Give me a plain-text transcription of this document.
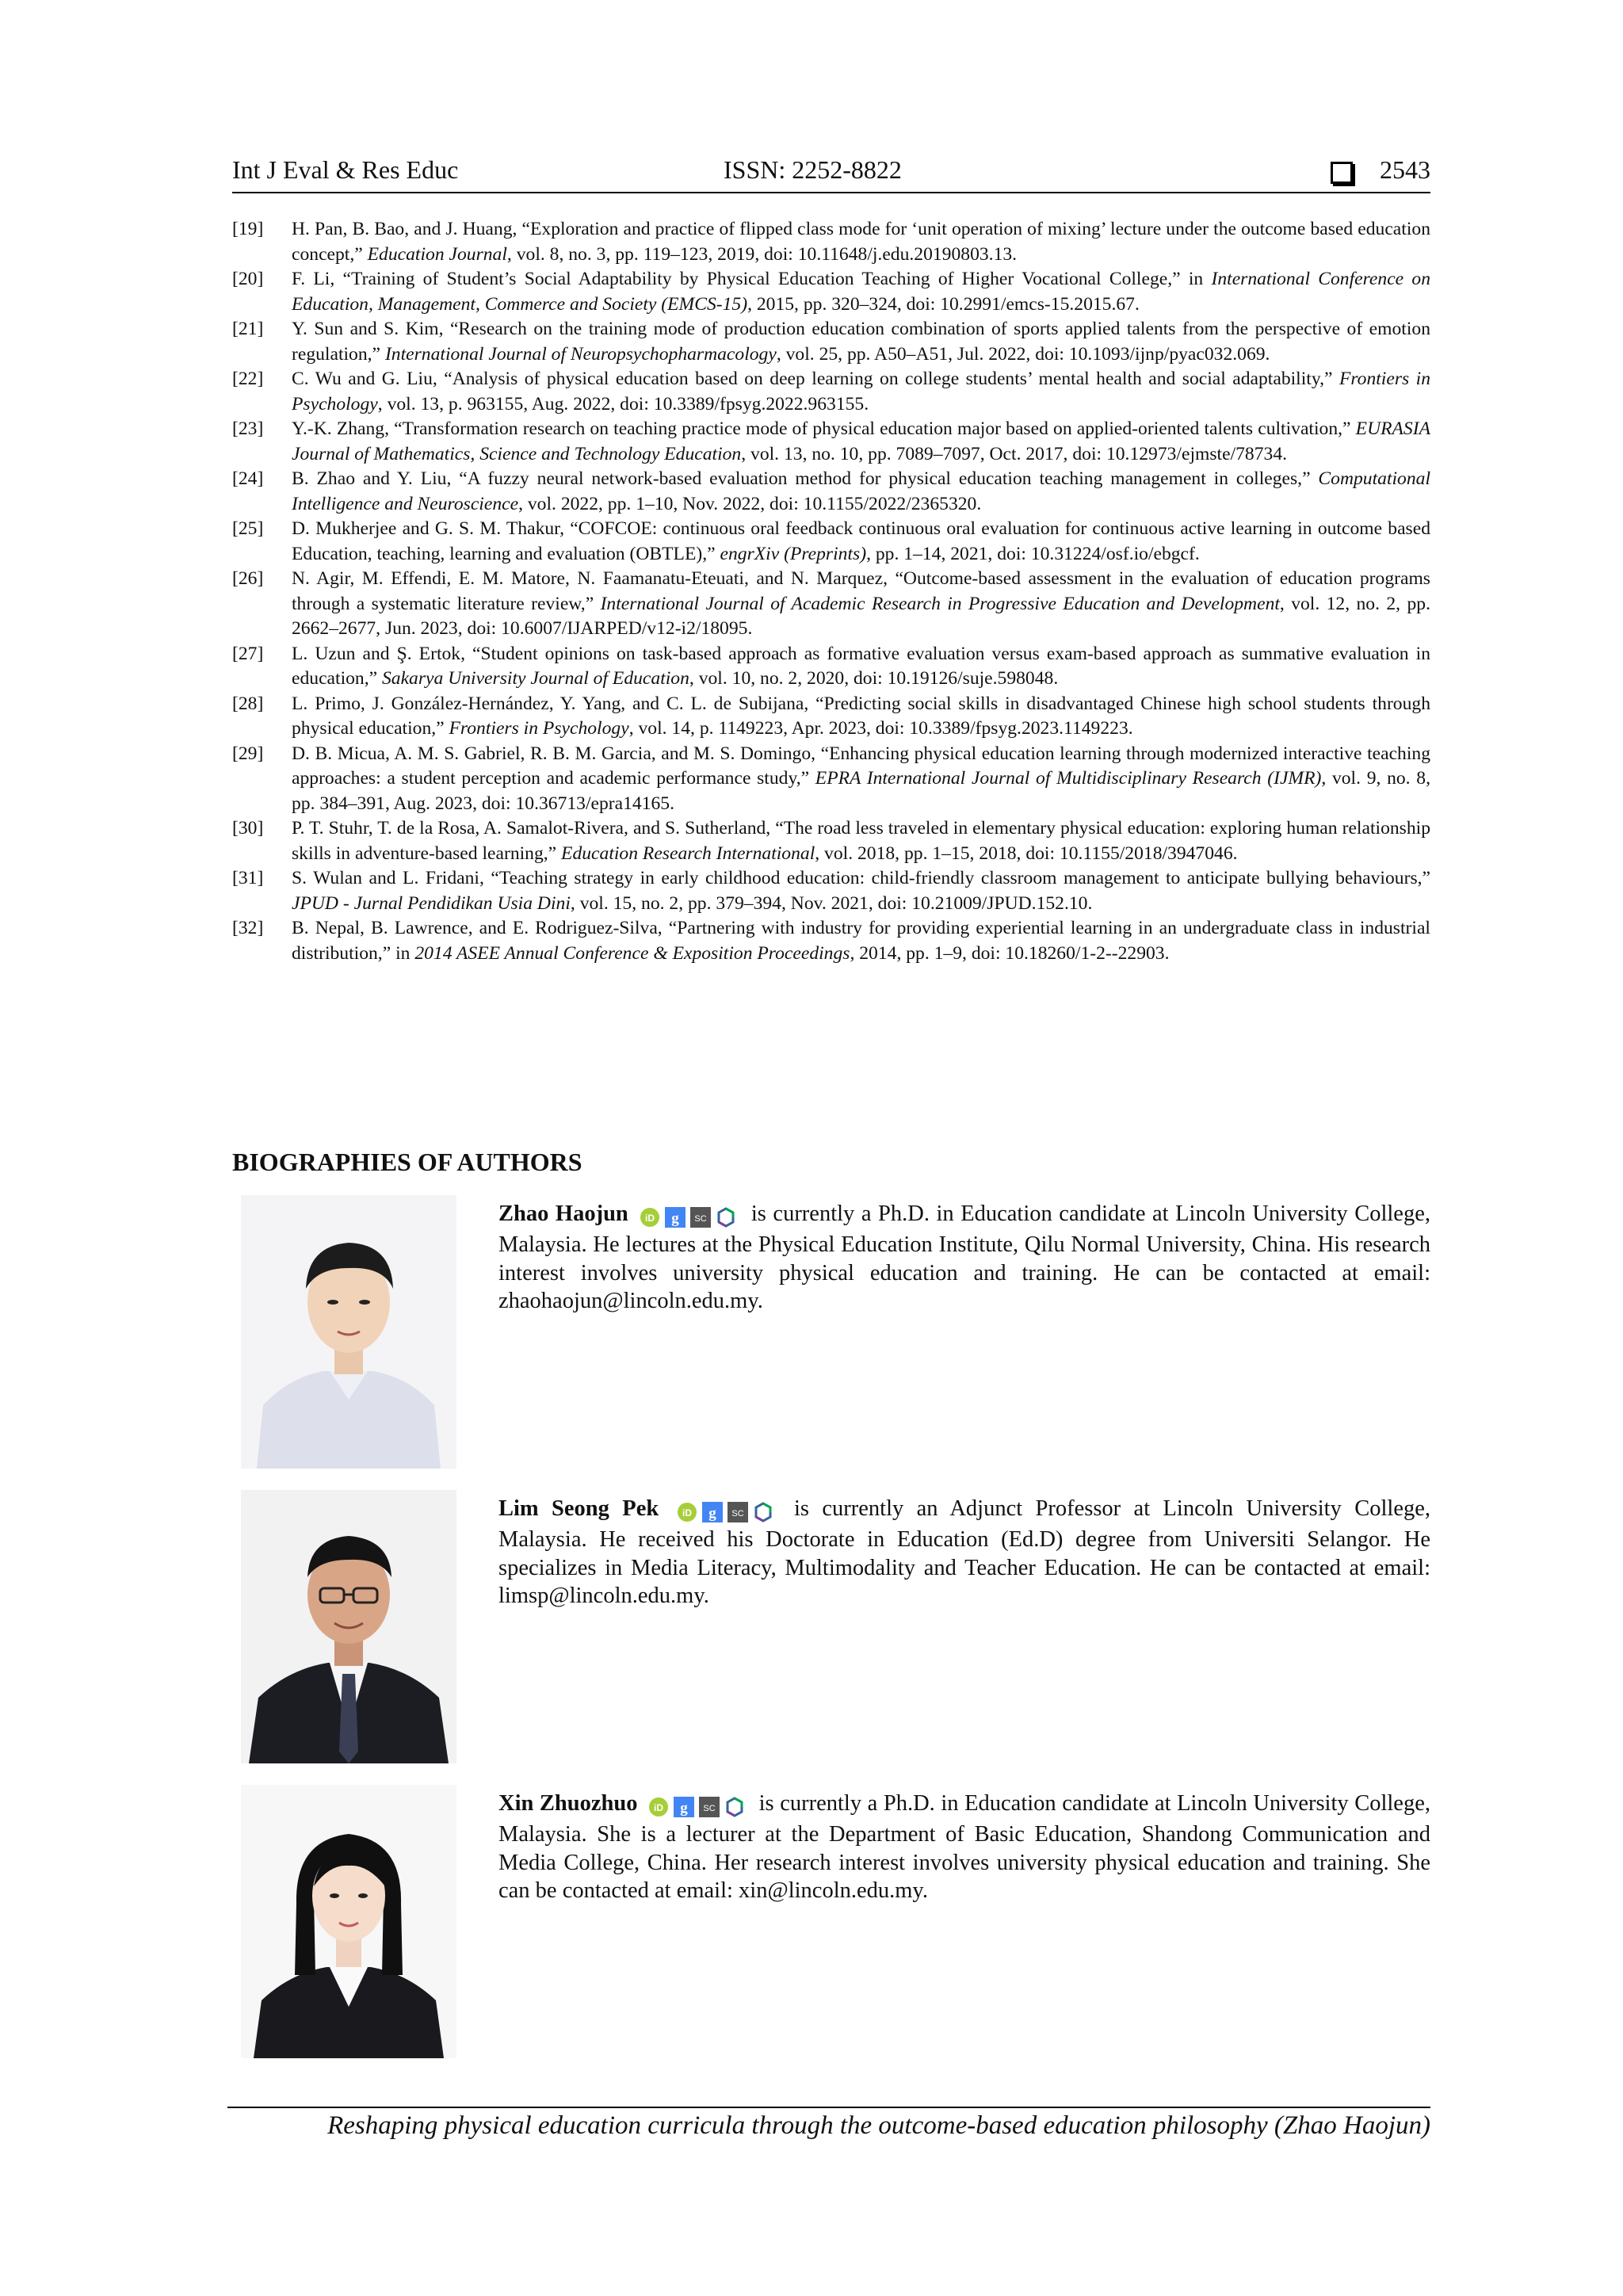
Int J Eval & Res Educ	ISSN: 2252-8822	2543
[19] H. Pan, B. Bao, and J. Huang, “Exploration and practice of flipped class mode for ‘unit operation of mixing’ lecture under the outcome based education concept,” Education Journal, vol. 8, no. 3, pp. 119–123, 2019, doi: 10.11648/j.edu.20190803.13.
[20] F. Li, “Training of Student’s Social Adaptability by Physical Education Teaching of Higher Vocational College,” in International Conference on Education, Management, Commerce and Society (EMCS-15), 2015, pp. 320–324, doi: 10.2991/emcs-15.2015.67.
[21] Y. Sun and S. Kim, “Research on the training mode of production education combination of sports applied talents from the perspective of emotion regulation,” International Journal of Neuropsychopharmacology, vol. 25, pp. A50–A51, Jul. 2022, doi: 10.1093/ijnp/pyac032.069.
[22] C. Wu and G. Liu, “Analysis of physical education based on deep learning on college students’ mental health and social adaptability,” Frontiers in Psychology, vol. 13, p. 963155, Aug. 2022, doi: 10.3389/fpsyg.2022.963155.
[23] Y.-K. Zhang, “Transformation research on teaching practice mode of physical education major based on applied-oriented talents cultivation,” EURASIA Journal of Mathematics, Science and Technology Education, vol. 13, no. 10, pp. 7089–7097, Oct. 2017, doi: 10.12973/ejmste/78734.
[24] B. Zhao and Y. Liu, “A fuzzy neural network-based evaluation method for physical education teaching management in colleges,” Computational Intelligence and Neuroscience, vol. 2022, pp. 1–10, Nov. 2022, doi: 10.1155/2022/2365320.
[25] D. Mukherjee and G. S. M. Thakur, “COFCOE: continuous oral feedback continuous oral evaluation for continuous active learning in outcome based Education, teaching, learning and evaluation (OBTLE),” engrXiv (Preprints), pp. 1–14, 2021, doi: 10.31224/osf.io/ebgcf.
[26] N. Agir, M. Effendi, E. M. Matore, N. Faamanatu-Eteuati, and N. Marquez, “Outcome-based assessment in the evaluation of education programs through a systematic literature review,” International Journal of Academic Research in Progressive Education and Development, vol. 12, no. 2, pp. 2662–2677, Jun. 2023, doi: 10.6007/IJARPED/v12-i2/18095.
[27] L. Uzun and Ş. Ertok, “Student opinions on task-based approach as formative evaluation versus exam-based approach as summative evaluation in education,” Sakarya University Journal of Education, vol. 10, no. 2, 2020, doi: 10.19126/suje.598048.
[28] L. Primo, J. González-Hernández, Y. Yang, and C. L. de Subijana, “Predicting social skills in disadvantaged Chinese high school students through physical education,” Frontiers in Psychology, vol. 14, p. 1149223, Apr. 2023, doi: 10.3389/fpsyg.2023.1149223.
[29] D. B. Micua, A. M. S. Gabriel, R. B. M. Garcia, and M. S. Domingo, “Enhancing physical education learning through modernized interactive teaching approaches: a student perception and academic performance study,” EPRA International Journal of Multidisciplinary Research (IJMR), vol. 9, no. 8, pp. 384–391, Aug. 2023, doi: 10.36713/epra14165.
[30] P. T. Stuhr, T. de la Rosa, A. Samalot-Rivera, and S. Sutherland, “The road less traveled in elementary physical education: exploring human relationship skills in adventure-based learning,” Education Research International, vol. 2018, pp. 1–15, 2018, doi: 10.1155/2018/3947046.
[31] S. Wulan and L. Fridani, “Teaching strategy in early childhood education: child-friendly classroom management to anticipate bullying behaviours,” JPUD - Jurnal Pendidikan Usia Dini, vol. 15, no. 2, pp. 379–394, Nov. 2021, doi: 10.21009/JPUD.152.10.
[32] B. Nepal, B. Lawrence, and E. Rodriguez-Silva, “Partnering with industry for providing experiential learning in an undergraduate class in industrial distribution,” in 2014 ASEE Annual Conference & Exposition Proceedings, 2014, pp. 1–9, doi: 10.18260/1-2--22903.
BIOGRAPHIES OF AUTHORS
Zhao Haojun iD g SC is currently a Ph.D. in Education candidate at Lincoln University College, Malaysia. He lectures at the Physical Education Institute, Qilu Normal University, China. His research interest involves university physical education and training. He can be contacted at email: zhaohaojun@lincoln.edu.my.
Lim Seong Pek iD g SC is currently an Adjunct Professor at Lincoln University College, Malaysia. He received his Doctorate in Education (Ed.D) degree from Universiti Selangor. He specializes in Media Literacy, Multimodality and Teacher Education. He can be contacted at email: limsp@lincoln.edu.my.
Xin Zhuozhuo iD g SC is currently a Ph.D. in Education candidate at Lincoln University College, Malaysia. She is a lecturer at the Department of Basic Education, Shandong Communication and Media College, China. Her research interest involves university physical education and training. She can be contacted at email: xin@lincoln.edu.my.
Reshaping physical education curricula through the outcome-based education philosophy (Zhao Haojun)
